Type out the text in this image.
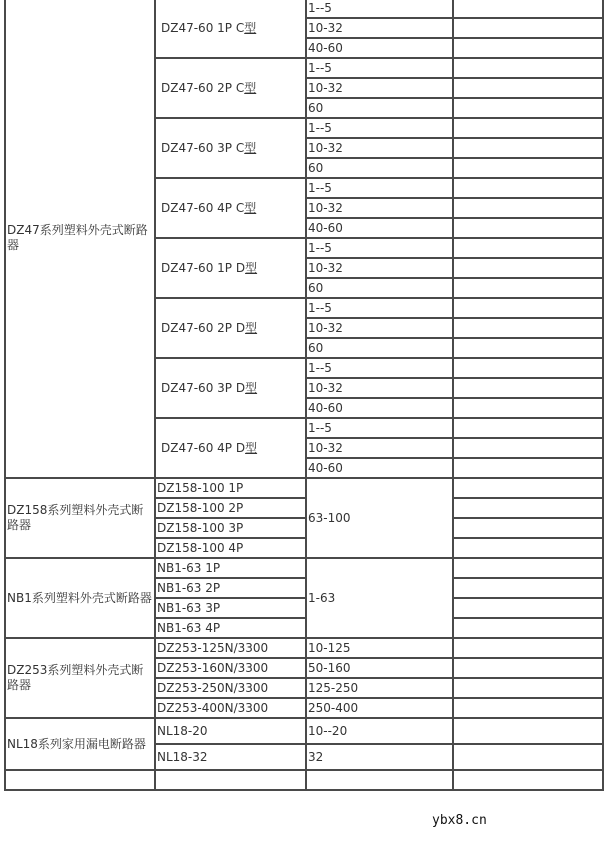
DZ47系列塑料外壳式断路器	DZ47-60 1P C型	1--5	
		10-32	
		40-60	
	DZ47-60 2P C型	1--5	
		10-32	
		60	
	DZ47-60 3P C型	1--5	
		10-32	
		60	
	DZ47-60 4P C型	1--5	
		10-32	
		40-60	
	DZ47-60 1P D型	1--5	
		10-32	
		60	
	DZ47-60 2P D型	1--5	
		10-32	
		60	
	DZ47-60 3P D型	1--5	
		10-32	
		40-60	
	DZ47-60 4P D型	1--5	
		10-32	
		40-60	
DZ158系列塑料外壳式断路器	DZ158-100 1P	63-100	
	DZ158-100 2P		
	DZ158-100 3P		
	DZ158-100 4P		
NB1系列塑料外壳式断路器	NB1-63 1P	1-63	
	NB1-63 2P		
	NB1-63 3P		
	NB1-63 4P		
DZ253系列塑料外壳式断路器	DZ253-125N/3300	10-125	
	DZ253-160N/3300	50-160	
	DZ253-250N/3300	125-250	
	DZ253-400N/3300	250-400	
NL18系列家用漏电断路器	NL18-20	10--20	
	NL18-32	32	

ybx8.cn
